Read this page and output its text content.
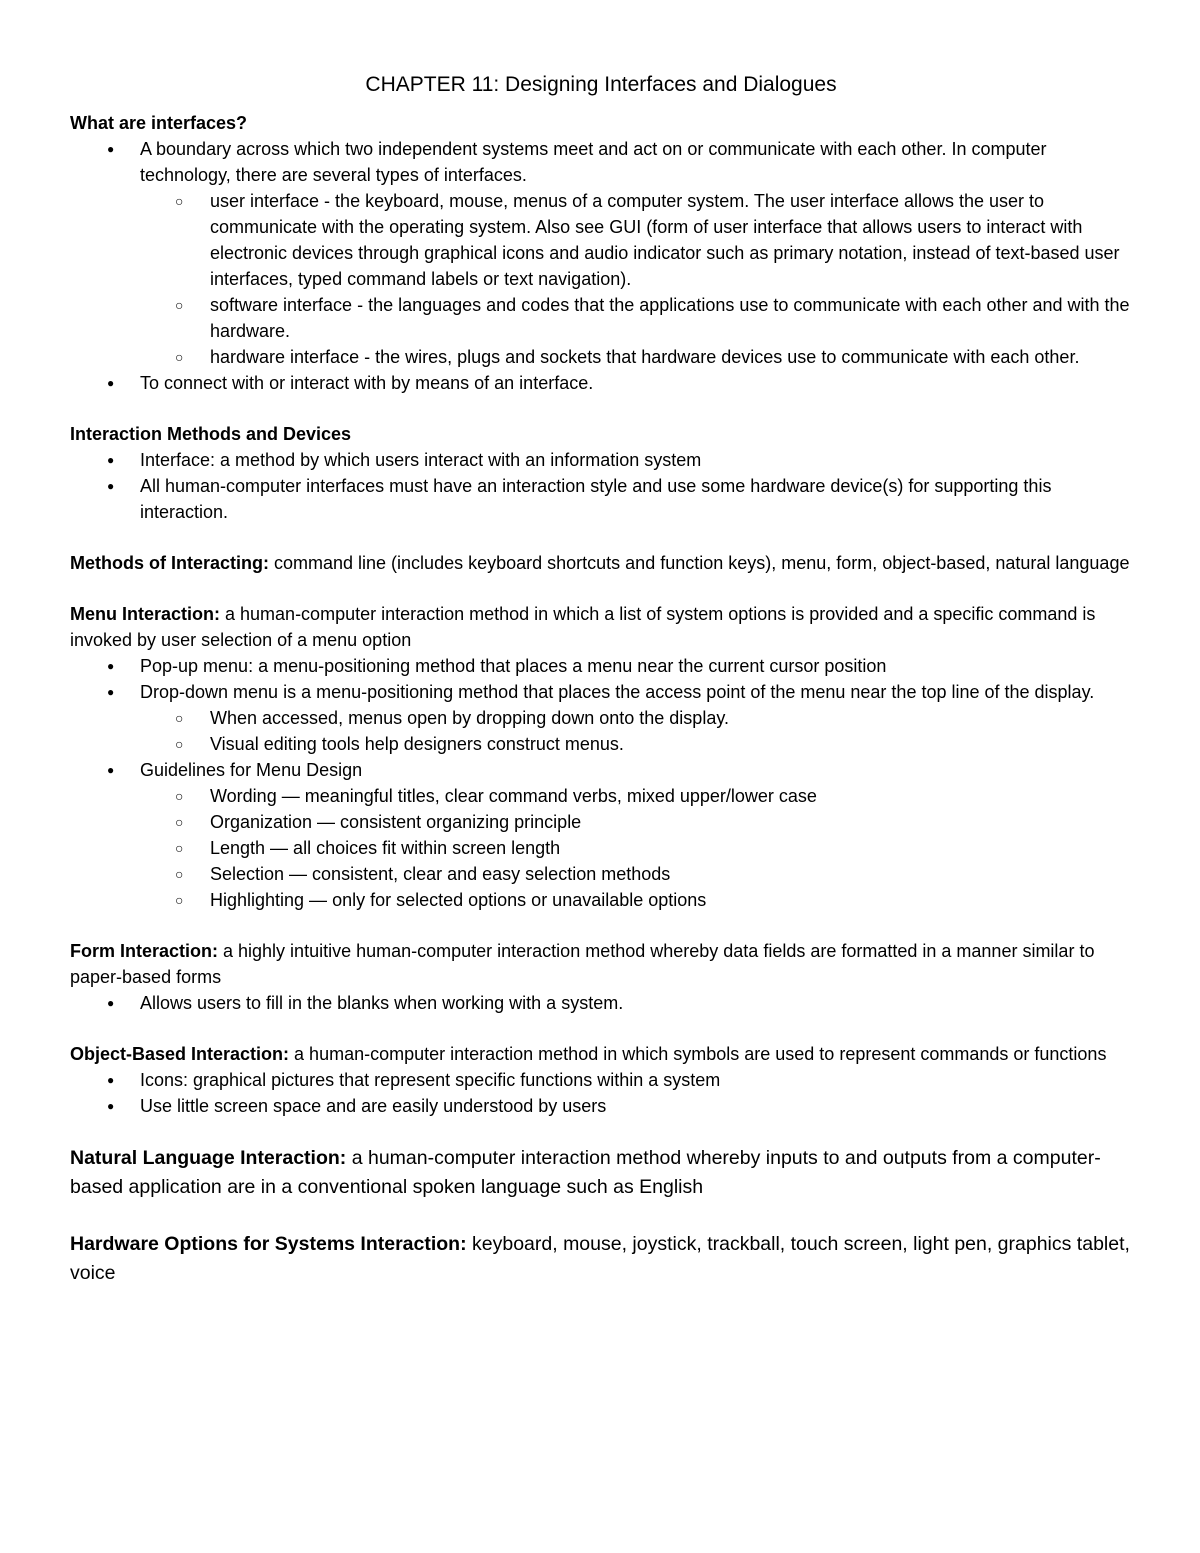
CHAPTER 11: Designing Interfaces and Dialogues

What are interfaces?

● A boundary across which two independent systems meet and act on or communicate with each other. In computer technology, there are several types of interfaces.
○ user interface - the keyboard, mouse, menus of a computer system. The user interface allows the user to communicate with the operating system. Also see GUI (form of user interface that allows users to interact with electronic devices through graphical icons and audio indicator such as primary notation, instead of text-based user interfaces, typed command labels or text navigation).
○ software interface - the languages and codes that the applications use to communicate with each other and with the hardware.
○ hardware interface - the wires, plugs and sockets that hardware devices use to communicate with each other.
● To connect with or interact with by means of an interface.

Interaction Methods and Devices

● Interface: a method by which users interact with an information system
● All human-computer interfaces must have an interaction style and use some hardware device(s) for supporting this interaction.

Methods of Interacting: command line (includes keyboard shortcuts and function keys), menu, form, object-based, natural language

Menu Interaction: a human-computer interaction method in which a list of system options is provided and a specific command is invoked by user selection of a menu option

● Pop-up menu: a menu-positioning method that places a menu near the current cursor position
● Drop-down menu is a menu-positioning method that places the access point of the menu near the top line of the display.
○ When accessed, menus open by dropping down onto the display.
○ Visual editing tools help designers construct menus.
● Guidelines for Menu Design
○ Wording — meaningful titles, clear command verbs, mixed upper/lower case
○ Organization — consistent organizing principle
○ Length — all choices fit within screen length
○ Selection — consistent, clear and easy selection methods
○ Highlighting — only for selected options or unavailable options

Form Interaction: a highly intuitive human-computer interaction method whereby data fields are formatted in a manner similar to paper-based forms

● Allows users to fill in the blanks when working with a system.

Object-Based Interaction: a human-computer interaction method in which symbols are used to represent commands or functions

● Icons: graphical pictures that represent specific functions within a system
● Use little screen space and are easily understood by users

Natural Language Interaction: a human-computer interaction method whereby inputs to and outputs from a computer-based application are in a conventional spoken language such as English

Hardware Options for Systems Interaction: keyboard, mouse, joystick, trackball, touch screen, light pen, graphics tablet, voice
